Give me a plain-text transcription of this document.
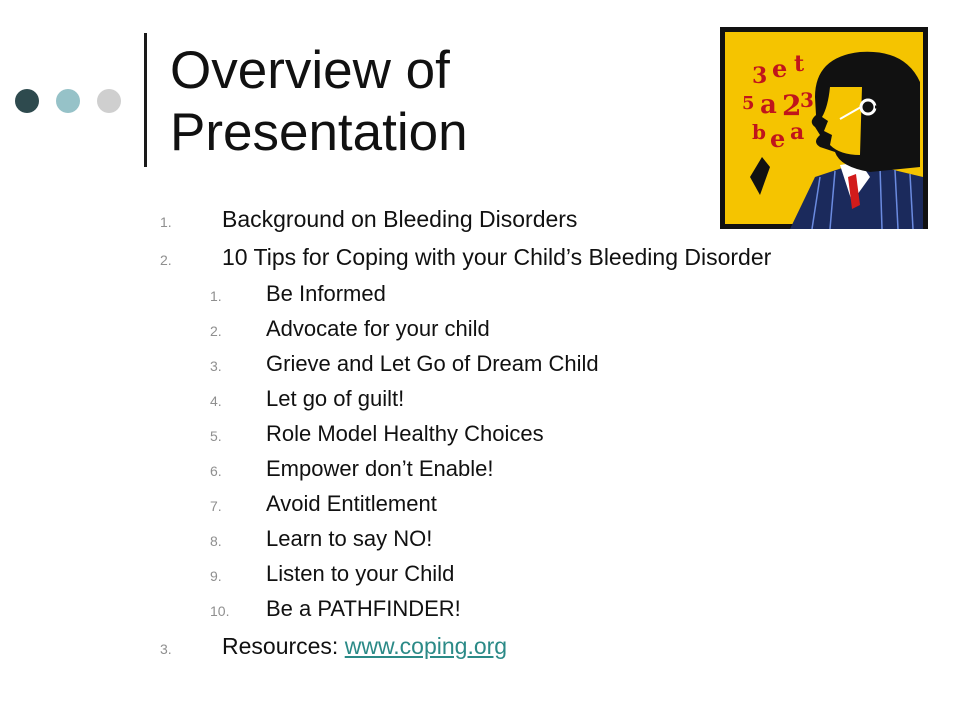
Overview of
Presentation
3 e t
5 a 2
3
b e a
1.	Background on Bleeding Disorders
2.	10 Tips for Coping with your Child’s Bleeding Disorder
1.	Be Informed
2.	Advocate for your child
3.	Grieve and Let Go of Dream Child
4.	Let go of guilt!
5.	Role Model Healthy Choices
6.	Empower don’t Enable!
7.	Avoid Entitlement
8.	Learn to say NO!
9.	Listen to your Child
10.	Be a PATHFINDER!
3.	Resources: www.coping.org
